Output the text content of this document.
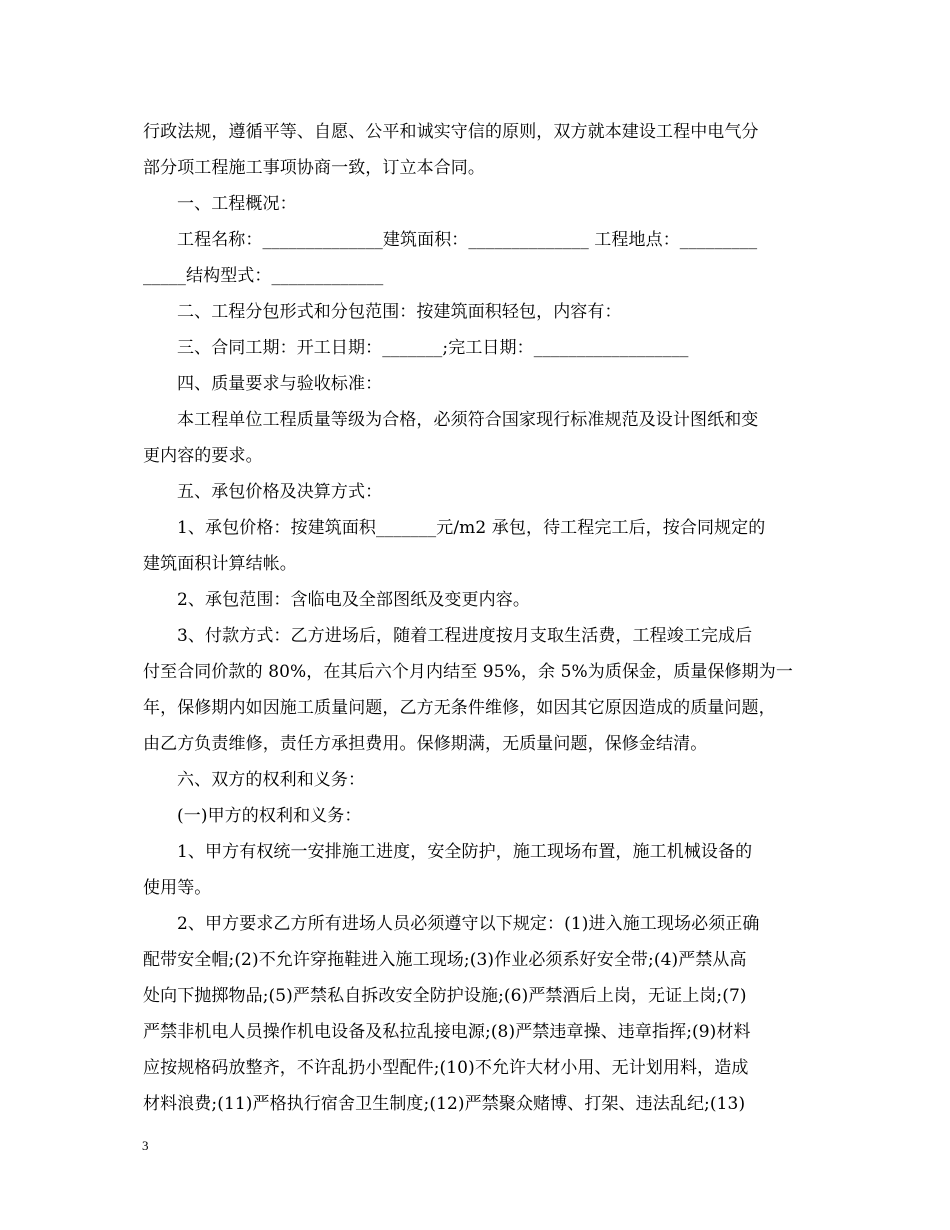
行政法规，遵循平等、自愿、公平和诚实守信的原则，双方就本建设工程中电气分
部分项工程施工事项协商一致，订立本合同。
一、工程概况：
工程名称：______________建筑面积：______________ 工程地点：_________
_____结构型式：_____________
二、工程分包形式和分包范围：按建筑面积轻包，内容有：
三、合同工期：开工日期：_______;完工日期：__________________
四、质量要求与验收标准：
本工程单位工程质量等级为合格，必须符合国家现行标准规范及设计图纸和变
更内容的要求。
五、承包价格及决算方式：
1、承包价格：按建筑面积_______元/m2 承包，待工程完工后，按合同规定的
建筑面积计算结帐。
2、承包范围：含临电及全部图纸及变更内容。
3、付款方式：乙方进场后，随着工程进度按月支取生活费，工程竣工完成后
付至合同价款的 80%，在其后六个月内结至 95%，余 5%为质保金，质量保修期为一
年，保修期内如因施工质量问题，乙方无条件维修，如因其它原因造成的质量问题，
由乙方负责维修，责任方承担费用。保修期满，无质量问题，保修金结清。
六、双方的权利和义务：
(一)甲方的权利和义务：
1、甲方有权统一安排施工进度，安全防护，施工现场布置，施工机械设备的
使用等。
2、甲方要求乙方所有进场人员必须遵守以下规定：(1)进入施工现场必须正确
配带安全帽;(2)不允许穿拖鞋进入施工现场;(3)作业必须系好安全带;(4)严禁从高
处向下抛掷物品;(5)严禁私自拆改安全防护设施;(6)严禁酒后上岗，无证上岗;(7)
严禁非机电人员操作机电设备及私拉乱接电源;(8)严禁违章操、违章指挥;(9)材料
应按规格码放整齐，不许乱扔小型配件;(10)不允许大材小用、无计划用料，造成
材料浪费;(11)严格执行宿舍卫生制度;(12)严禁聚众赌博、打架、违法乱纪;(13)
3
